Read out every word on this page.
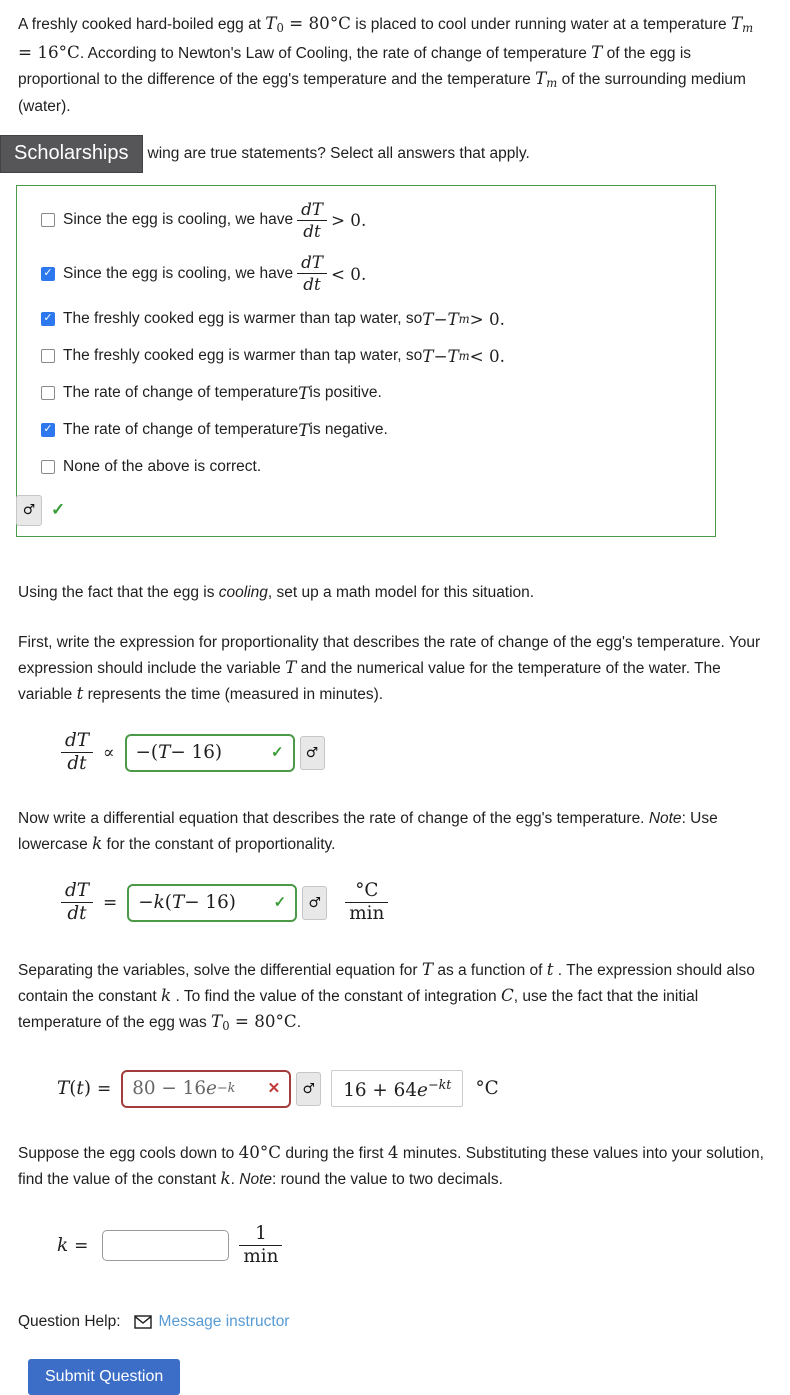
A freshly cooked hard-boiled egg at T0 = 80°C is placed to cool under running water at a temperature Tm = 16°C. According to Newton's Law of Cooling, the rate of change of temperature T of the egg is proportional to the difference of the egg's temperature and the temperature Tm of the surrounding medium (water).

Scholarships	wing are true statements? Select all answers that apply.
Since the egg is cooling, we have $\frac{dT}{dt} > 0$.
✓ Since the egg is cooling, we have $\frac{dT}{dt} < 0$.
✓ The freshly cooked egg is warmer than tap water, so T − T m > 0.
The freshly cooked egg is warmer than tap water, so T − T m < 0.
The rate of change of temperature T is positive.
✓ The rate of change of temperature T is negative.
None of the above is correct.
♂ ✓

Using the fact that the egg is cooling, set up a math model for this situation.

First, write the expression for proportionality that describes the rate of change of the egg's temperature. Your expression should include the variable T and the numerical value for the temperature of the water. The variable t represents the time (measured in minutes).

$\frac{dT}{dt}$ ∝ −( T − 16)	✓	♂

Now write a differential equation that describes the rate of change of the egg's temperature. Note: Use lowercase k for the constant of proportionality.

$\frac{dT}{dt}$ = − k ( T − 16)	✓	♂	$\frac{^\circ C}{\min}$

Separating the variables, solve the differential equation for T as a function of t . The expression should also contain the constant k . To find the value of the constant of integration C, use the fact that the initial temperature of the egg was T0 = 80°C.

T ( t ) = 80 − 16 e −k ✕	♂	$16 + 64e^{-kt}$	°C

Suppose the egg cools down to 40°C during the first 4 minutes. Substituting these values into your solution, find the value of the constant k. Note: round the value to two decimals.

k =	$\frac{1}{\min}$
Question Help: Message instructor
Submit Question
